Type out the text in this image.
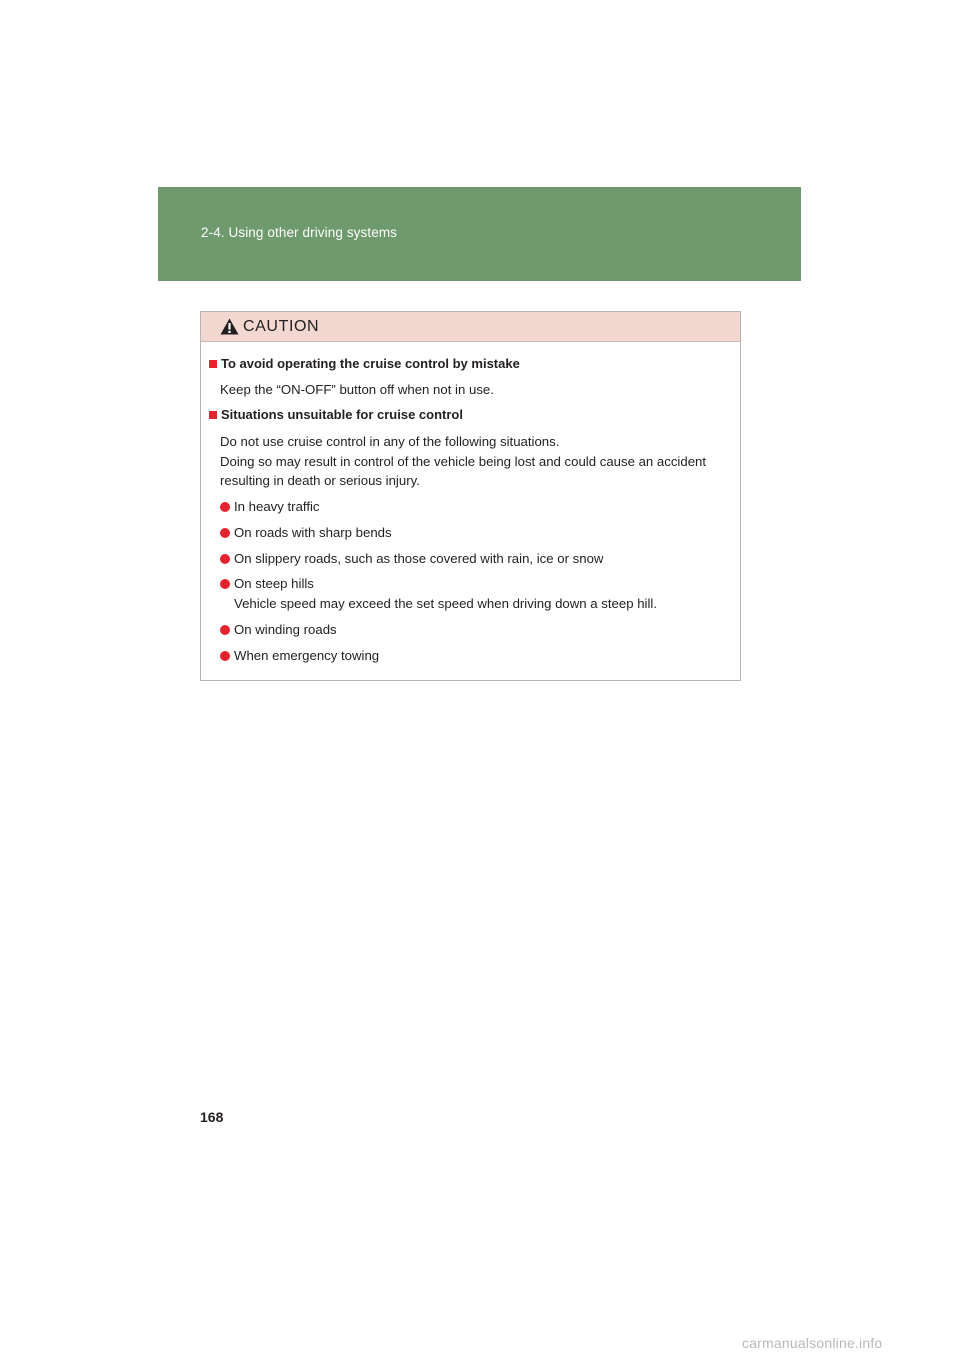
2-4. Using other driving systems
CAUTION
To avoid operating the cruise control by mistake
Keep the “ON-OFF” button off when not in use.
Situations unsuitable for cruise control
Do not use cruise control in any of the following situations.
Doing so may result in control of the vehicle being lost and could cause an accident
resulting in death or serious injury.
In heavy traffic
On roads with sharp bends
On slippery roads, such as those covered with rain, ice or snow
On steep hills
Vehicle speed may exceed the set speed when driving down a steep hill.
On winding roads
When emergency towing
168
carmanualsonline.info
